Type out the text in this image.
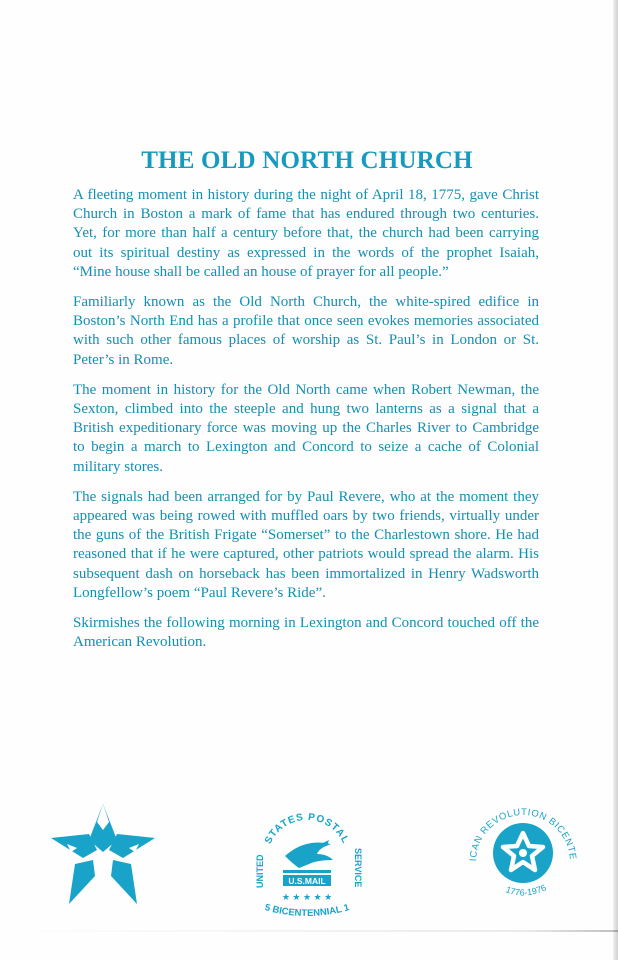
THE OLD NORTH CHURCH

A fleeting moment in history during the night of April 18, 1775, gave Christ Church in Boston a mark of fame that has endured through two centuries. Yet, for more than half a century before that, the church had been carrying out its spiritual destiny as expressed in the words of the prophet Isaiah, “Mine house shall be called an house of prayer for all people.”

Familiarly known as the Old North Church, the white-spired edifice in Boston’s North End has a profile that once seen evokes memories associated with such other famous places of worship as St. Paul’s in London or St. Peter’s in Rome.

The moment in history for the Old North came when Robert Newman, the Sexton, climbed into the steeple and hung two lanterns as a signal that a British expeditionary force was moving up the Charles River to Cambridge to begin a march to Lexington and Concord to seize a cache of Colonial military stores.

The signals had been arranged for by Paul Revere, who at the moment they appeared was being rowed with muffled oars by two friends, virtually under the guns of the British Frigate “Somerset” to the Charlestown shore. He had reasoned that if he were captured, other patriots would spread the alarm. His subsequent dash on horseback has been immortalized in Henry Wadsworth Longfellow’s poem “Paul Revere’s Ride”.

Skirmishes the following morning in Lexington and Concord touched off the American Revolution.

STATES POSTAL
UNITED	SERVICE
U.S.MAIL
★ ★ ★ ★ ★
5 BICENTENNIAL 1
ICAN REVOLUTION BICENTE
1776-1976
